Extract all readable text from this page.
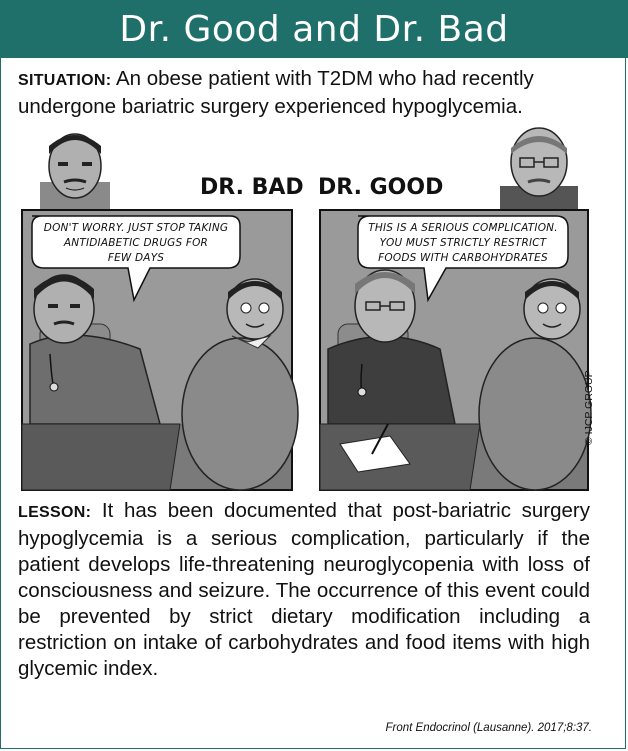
Dr. Good and Dr. Bad
SITUATION: An obese patient with T2DM who had recently undergone bariatric surgery experienced hypoglycemia.
DR. BAD DR. GOOD
DON'T WORRY. JUST STOP TAKING
ANTIDIABETIC DRUGS FOR
FEW DAYS
THIS IS A SERIOUS COMPLICATION.
YOU MUST STRICTLY RESTRICT
FOODS WITH CARBOHYDRATES
© IJCP GROUP
LESSON: It has been documented that post-bariatric surgery hypoglycemia is a serious complication, particularly if the patient develops life-threatening neuroglycopenia with loss of consciousness and seizure. The occurrence of this event could be prevented by strict dietary modification including a restriction on intake of carbohydrates and food items with high glycemic index.
Front Endocrinol (Lausanne). 2017;8:37.
